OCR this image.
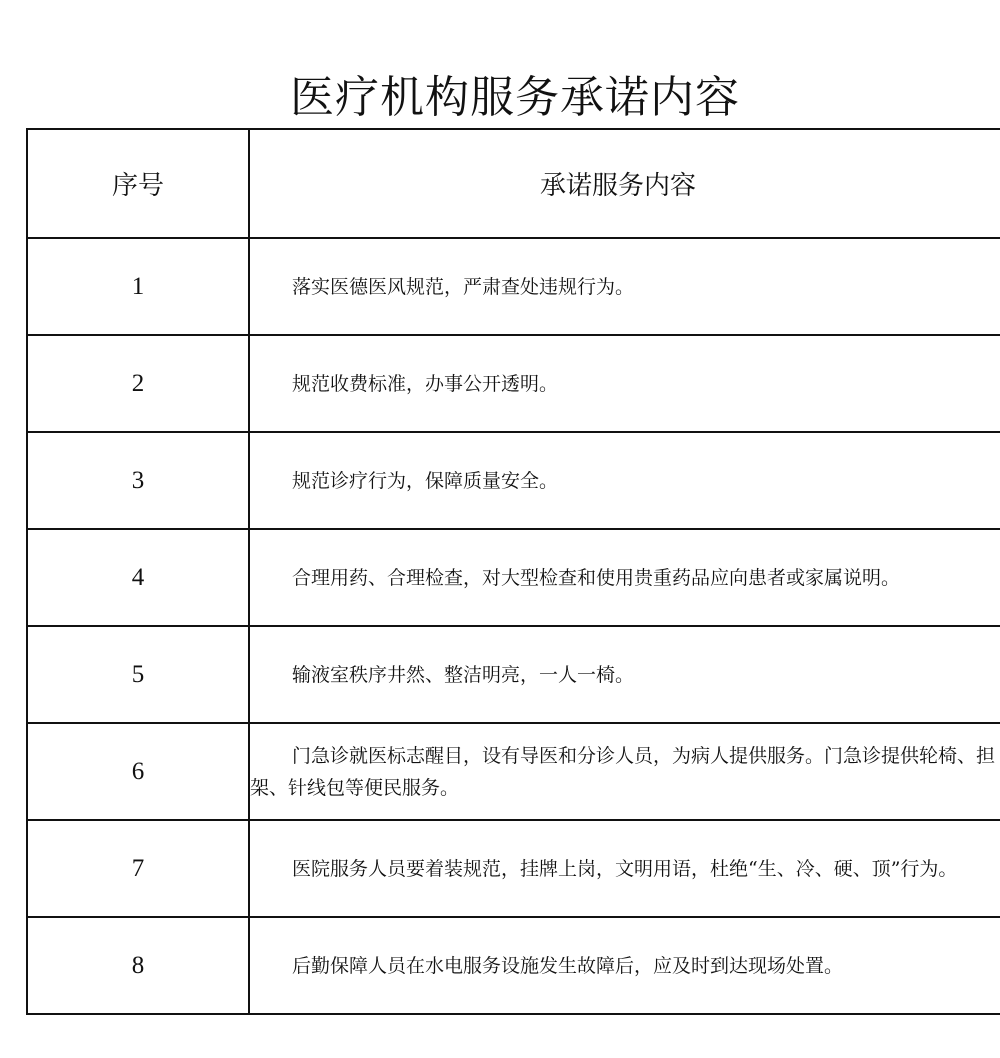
医疗机构服务承诺内容
序号	承诺服务内容
1	落实医德医风规范，严肃查处违规行为。

2	规范收费标准，办事公开透明。

3	规范诊疗行为，保障质量安全。

4	合理用药、合理检查，对大型检查和使用贵重药品应向患者或家属说明。

5	输液室秩序井然、整洁明亮，一人一椅。

6	门急诊就医标志醒目，设有导医和分诊人员，为病人提供服务。门急诊提供轮椅、担架、针线包等便民服务。

7	医院服务人员要着装规范，挂牌上岗，文明用语，杜绝“生、冷、硬、顶”行为。

8	后勤保障人员在水电服务设施发生故障后，应及时到达现场处置。
